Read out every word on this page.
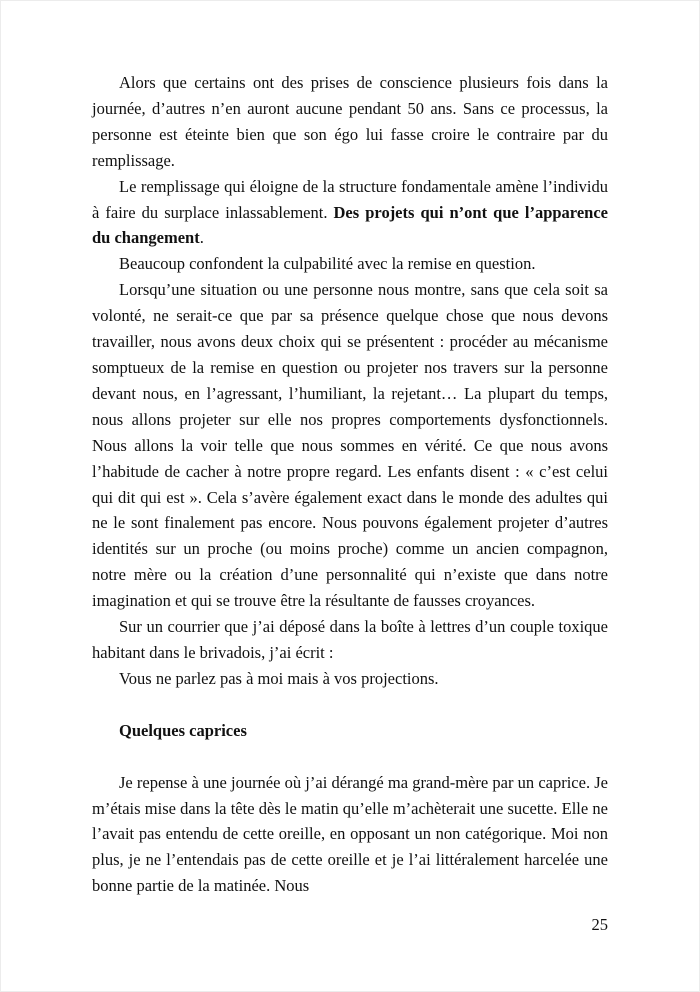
Alors que certains ont des prises de conscience plusieurs fois dans la journée, d’autres n’en auront aucune pendant 50 ans. Sans ce processus, la personne est éteinte bien que son égo lui fasse croire le contraire par du remplissage.

Le remplissage qui éloigne de la structure fondamentale amène l’individu à faire du surplace inlassablement. Des projets qui n’ont que l’apparence du changement.

Beaucoup confondent la culpabilité avec la remise en question.

Lorsqu’une situation ou une personne nous montre, sans que cela soit sa volonté, ne serait-ce que par sa présence quelque chose que nous devons travailler, nous avons deux choix qui se présentent : procéder au mécanisme somptueux de la remise en question ou projeter nos travers sur la personne devant nous, en l’agressant, l’humiliant, la rejetant… La plupart du temps, nous allons projeter sur elle nos propres comportements dysfonctionnels. Nous allons la voir telle que nous sommes en vérité. Ce que nous avons l’habitude de cacher à notre propre regard. Les enfants disent : « c’est celui qui dit qui est ». Cela s’avère également exact dans le monde des adultes qui ne le sont finalement pas encore. Nous pouvons également projeter d’autres identités sur un proche (ou moins proche) comme un ancien compagnon, notre mère ou la création d’une personnalité qui n’existe que dans notre imagination et qui se trouve être la résultante de fausses croyances.

Sur un courrier que j’ai déposé dans la boîte à lettres d’un couple toxique habitant dans le brivadois, j’ai écrit :

Vous ne parlez pas à moi mais à vos projections.

Quelques caprices

Je repense à une journée où j’ai dérangé ma grand-mère par un caprice. Je m’étais mise dans la tête dès le matin qu’elle m’achèterait une sucette. Elle ne l’avait pas entendu de cette oreille, en opposant un non catégorique. Moi non plus, je ne l’entendais pas de cette oreille et je l’ai littéralement harcelée une bonne partie de la matinée. Nous

25
